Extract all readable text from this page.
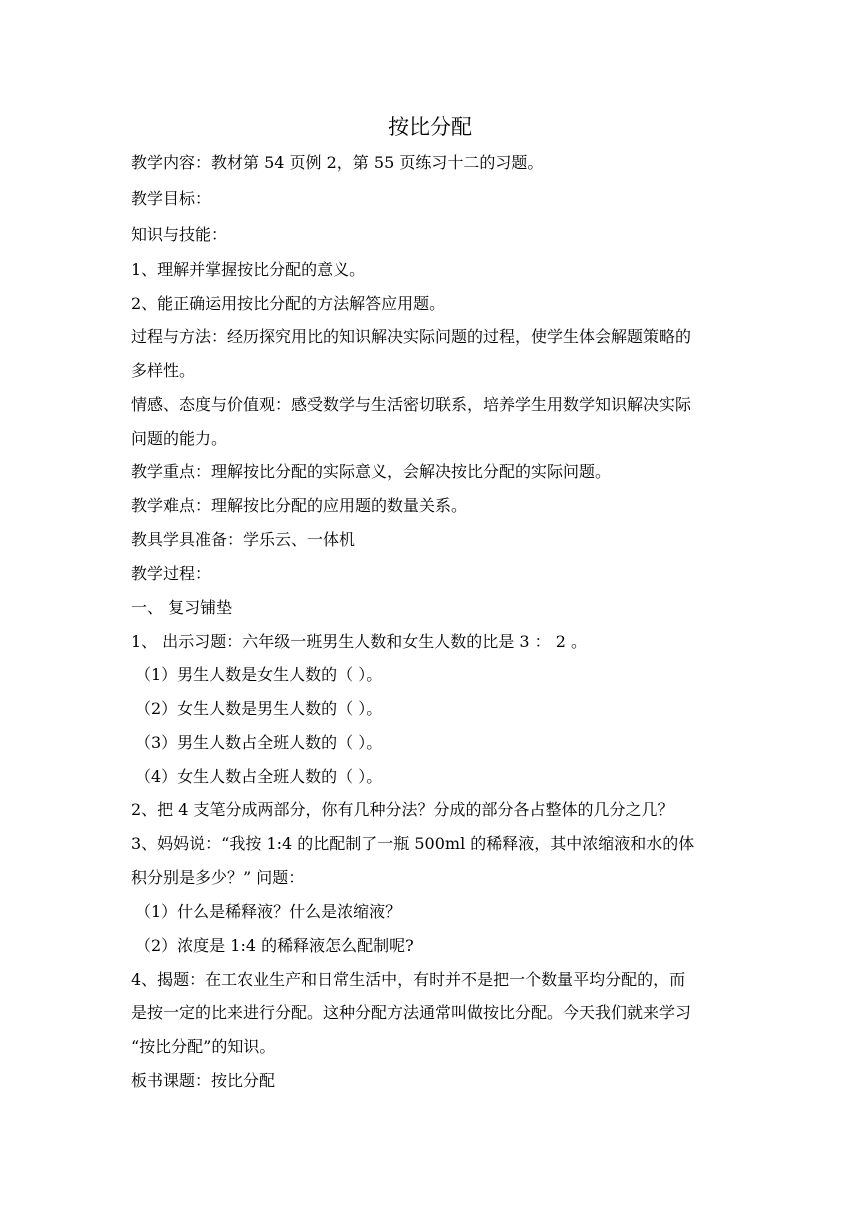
按比分配
教学内容：教材第 54 页例 2，第 55 页练习十二的习题。
教学目标：
知识与技能：
1、理解并掌握按比分配的意义。
2、能正确运用按比分配的方法解答应用题。
过程与方法：经历探究用比的知识解决实际问题的过程，使学生体会解题策略的
多样性。
情感、态度与价值观：感受数学与生活密切联系，培养学生用数学知识解决实际
问题的能力。
教学重点：理解按比分配的实际意义，会解决按比分配的实际问题。
教学难点：理解按比分配的应用题的数量关系。
教具学具准备：学乐云、一体机
教学过程：
一、 复习铺垫
1、 出示习题：六年级一班男生人数和女生人数的比是 3 ： 2 。
（1）男生人数是女生人数的（ ）。
（2）女生人数是男生人数的（ ）。
（3）男生人数占全班人数的（ ）。
（4）女生人数占全班人数的（ ）。
2、把 4 支笔分成两部分，你有几种分法？分成的部分各占整体的几分之几？
3、妈妈说：“我按 1:4 的比配制了一瓶 500ml 的稀释液，其中浓缩液和水的体
积分别是多少？” 问题：
（1）什么是稀释液？什么是浓缩液？
（2）浓度是 1:4 的稀释液怎么配制呢?
4、揭题：在工农业生产和日常生活中，有时并不是把一个数量平均分配的，而
是按一定的比来进行分配。这种分配方法通常叫做按比分配。今天我们就来学习
“按比分配”的知识。
板书课题：按比分配
